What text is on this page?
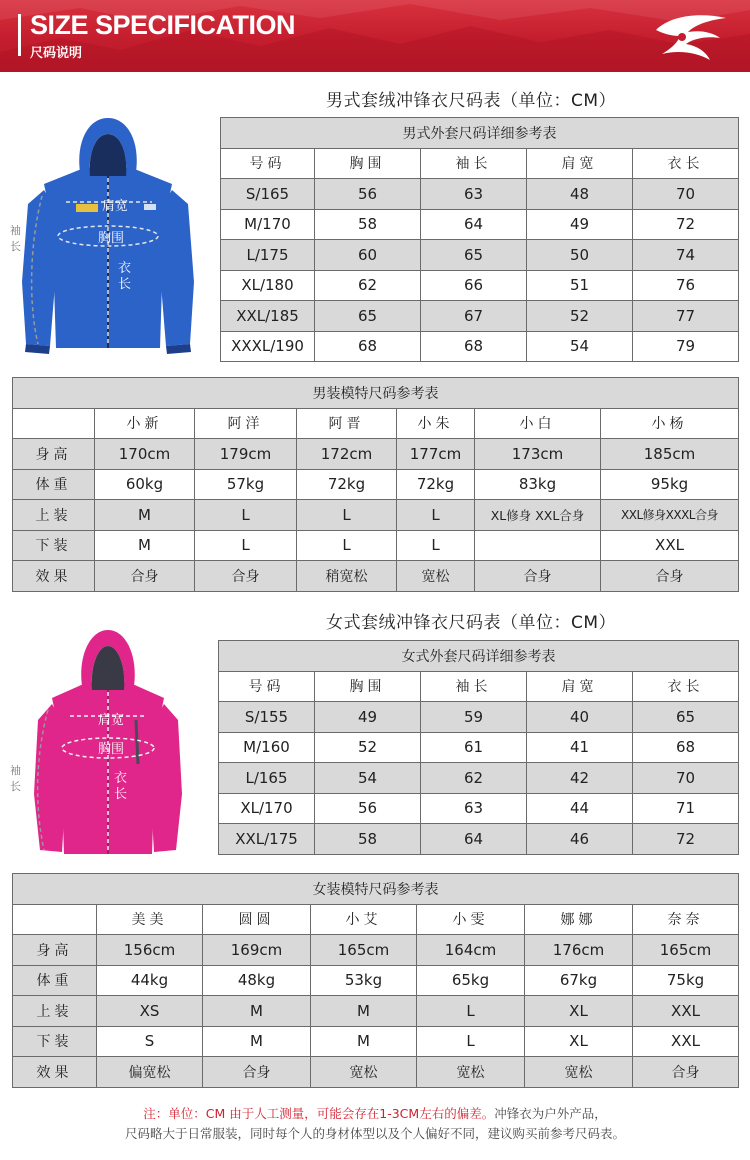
SIZE SPECIFICATION
尺码说明
男式套绒冲锋衣尺码表（单位：CM）
肩宽
胸围
衣
长
袖
长
男式外套尺码详细参考表				
号码	胸围	袖长	肩宽	衣长
S/165	56	63	48	70
M/170	58	64	49	72
L/175	60	65	50	74
XL/180	62	66	51	76
XXL/185	65	67	52	77
XXXL/190	68	68	54	79
男装模特尺码参考表						
	小新	阿洋	阿晋	小朱	小白	小杨
身高	170cm	179cm	172cm	177cm	173cm	185cm
体重	60kg	57kg	72kg	72kg	83kg	95kg
上装	M	L	L	L	XL修身 XXL合身	XXL修身XXXL合身
下装	M	L	L	L		XXL
效果	合身	合身	稍宽松	宽松	合身	合身
女式套绒冲锋衣尺码表（单位：CM）
肩宽
胸围
衣
长
袖
长
女式外套尺码详细参考表				
号码	胸围	袖长	肩宽	衣长
S/155	49	59	40	65
M/160	52	61	41	68
L/165	54	62	42	70
XL/170	56	63	44	71
XXL/175	58	64	46	72
女装模特尺码参考表						
	美美	圆圆	小艾	小雯	娜娜	奈奈
身高	156cm	169cm	165cm	164cm	176cm	165cm
体重	44kg	48kg	53kg	65kg	67kg	75kg
上装	XS	M	M	L	XL	XXL
下装	S	M	M	L	XL	XXL
效果	偏宽松	合身	宽松	宽松	宽松	合身
注：单位：CM 由于人工测量，可能会存在1-3CM左右的偏差。冲锋衣为户外产品，
尺码略大于日常服装，同时每个人的身材体型以及个人偏好不同，建议购买前参考尺码表。
